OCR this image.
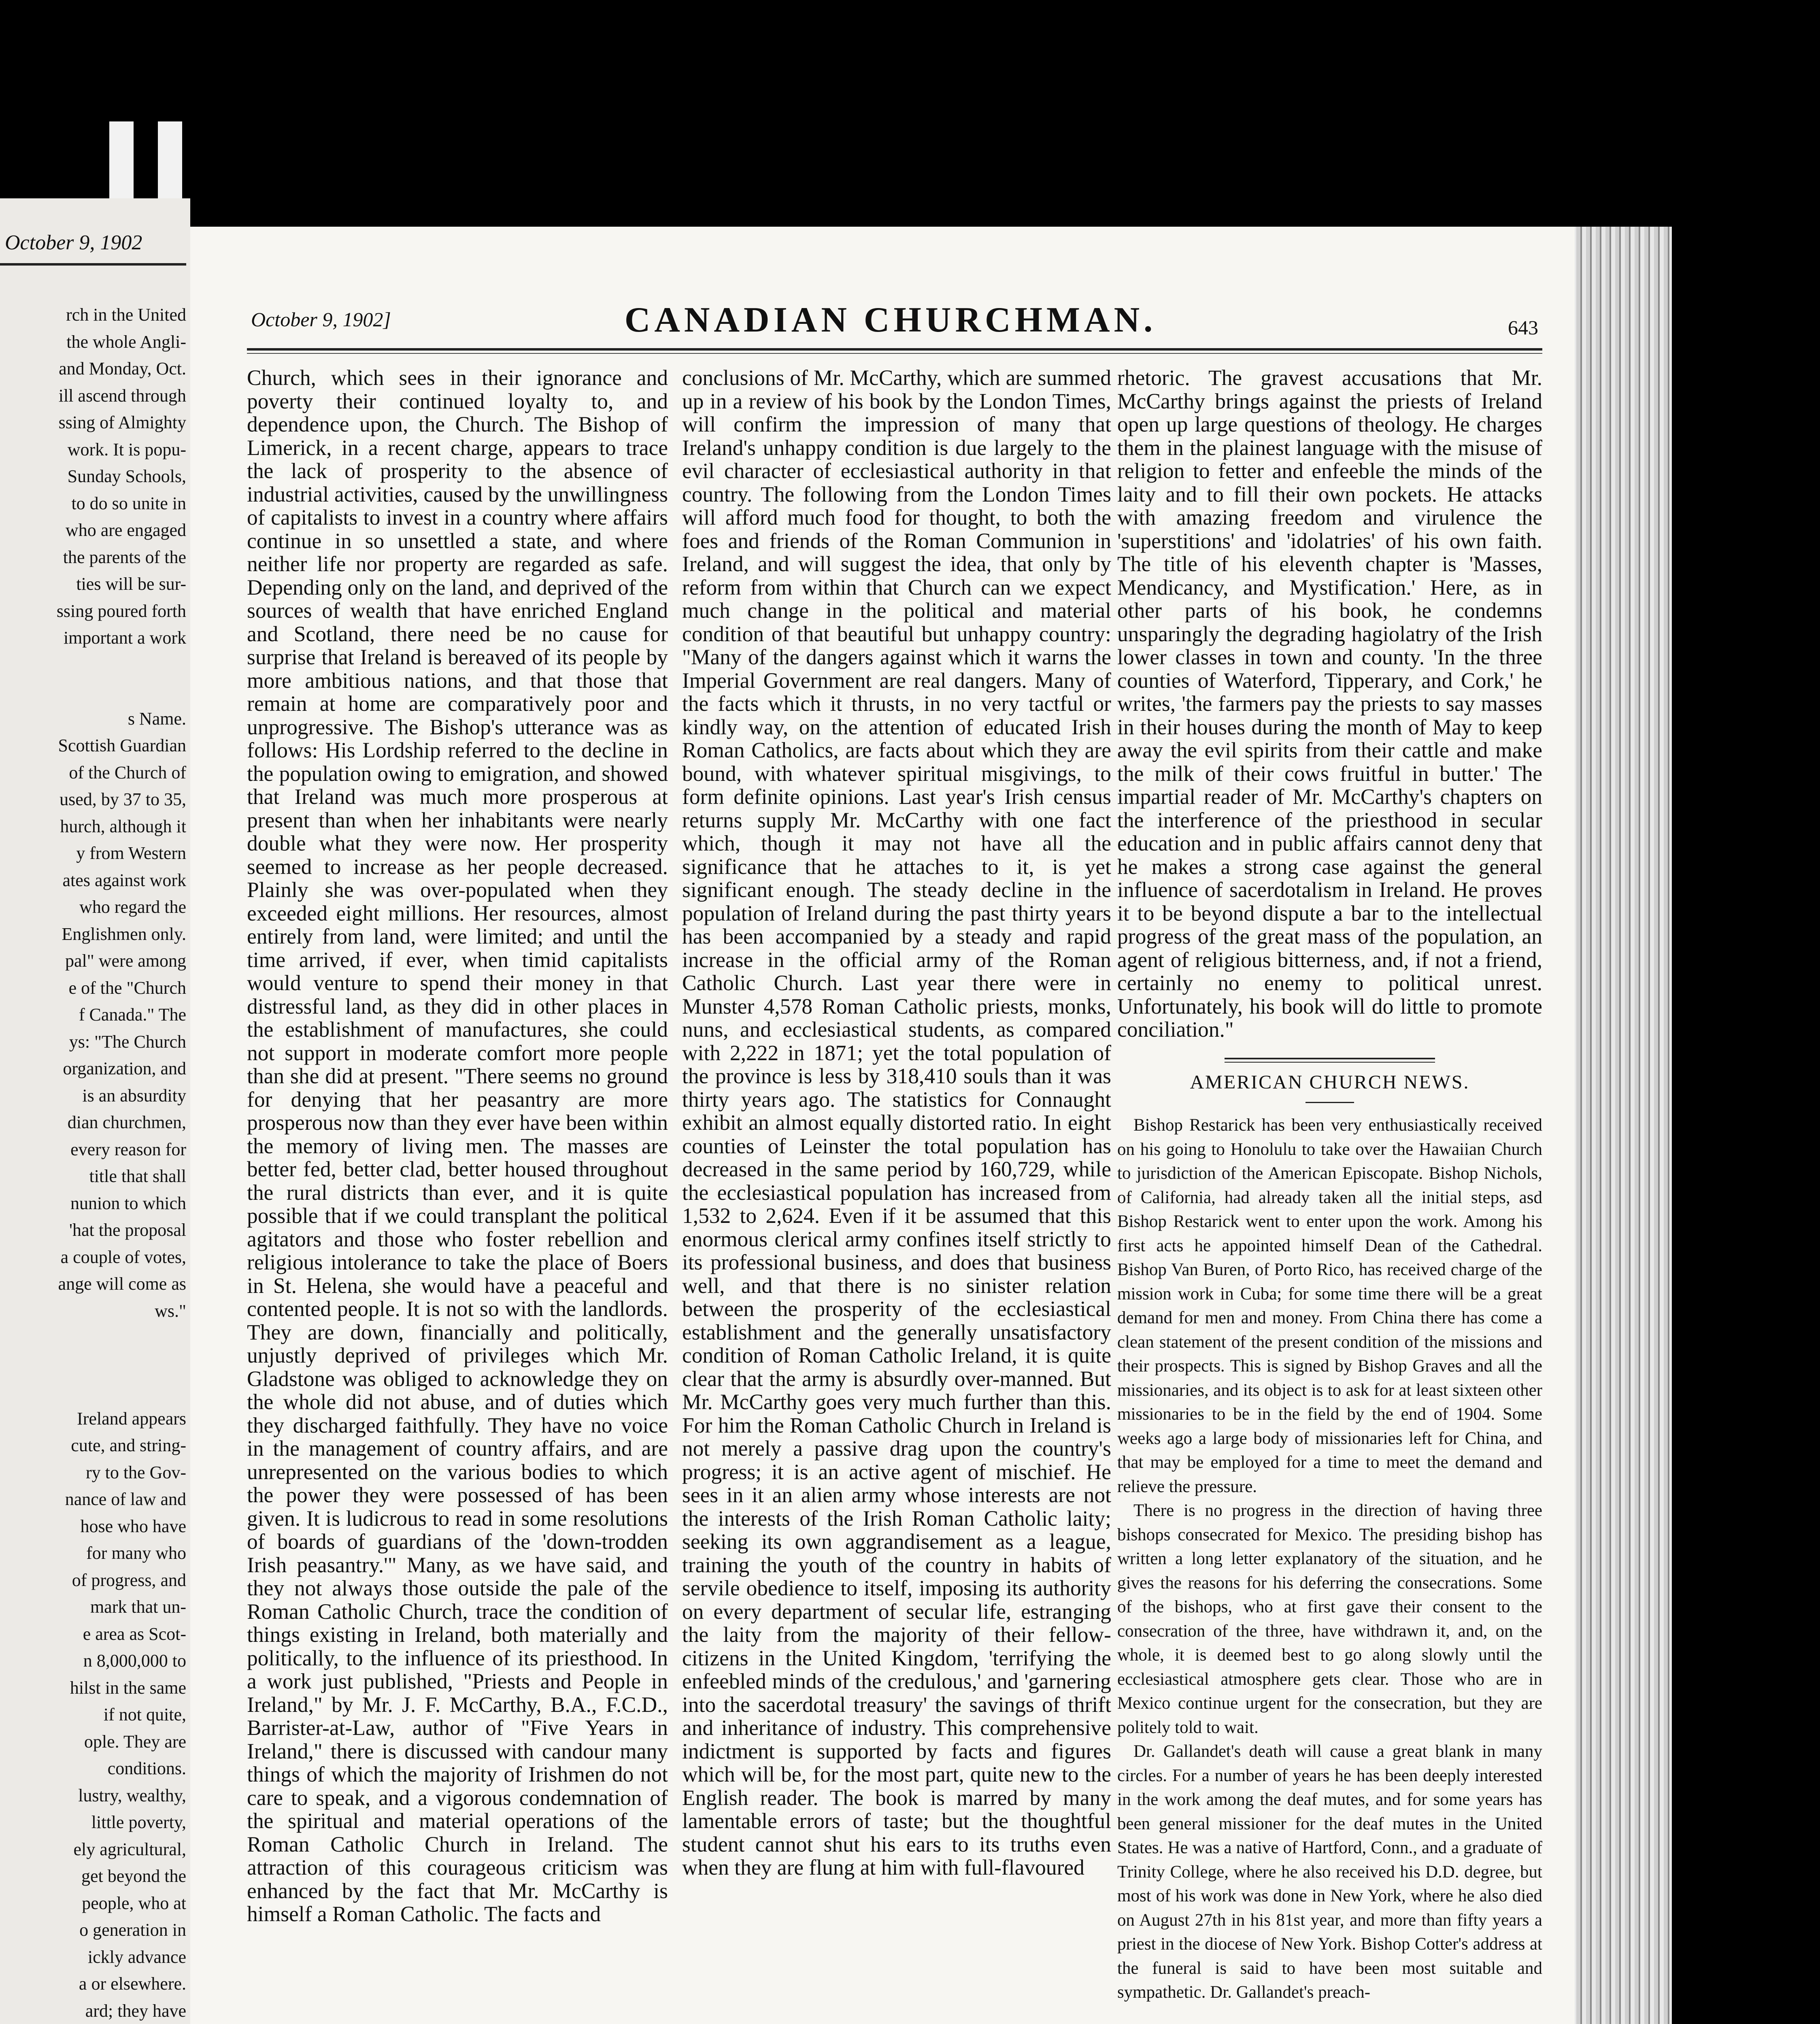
October 9, 1902
rch in the United
the whole Angli-
and Monday, Oct.
ill ascend through
ssing of Almighty
work. It is popu-
Sunday Schools,
to do so unite in
who are engaged
the parents of the
ties will be sur-
ssing poured forth
important a work
s Name.
Scottish Guardian
of the Church of
used, by 37 to 35,
hurch, although it
y from Western
ates against work
who regard the
Englishmen only.
pal" were among
e of the "Church
f Canada." The
ys: "The Church
organization, and
is an absurdity
dian churchmen,
every reason for
title that shall
nunion to which
'hat the proposal
a couple of votes,
ange will come as
ws."
Ireland appears
cute, and string-
ry to the Gov-
nance of law and
hose who have
for many who
of progress, and
mark that un-
e area as Scot-
n 8,000,000 to
hilst in the same
if not quite,
ople. They are
conditions.
lustry, wealthy,
little poverty,
ely agricultural,
get beyond the
people, who at
o generation in
ickly advance
a or elsewhere.
ard; they have
October 9, 1902]	CANADIAN CHURCHMAN.	643

Church, which sees in their ignorance and poverty their continued loyalty to, and dependence upon, the Church. The Bishop of Limerick, in a recent charge, appears to trace the lack of prosperity to the absence of industrial activities, caused by the unwillingness of capitalists to invest in a country where affairs continue in so unsettled a state, and where neither life nor property are regarded as safe. Depending only on the land, and deprived of the sources of wealth that have enriched England and Scotland, there need be no cause for surprise that Ireland is bereaved of its people by more ambitious nations, and that those that remain at home are comparatively poor and unprogressive. The Bishop's utterance was as follows: His Lordship referred to the decline in the population owing to emigration, and showed that Ireland was much more prosperous at present than when her inhabitants were nearly double what they were now. Her prosperity seemed to increase as her people decreased. Plainly she was over-populated when they exceeded eight millions. Her resources, almost entirely from land, were limited; and until the time arrived, if ever, when timid capitalists would venture to spend their money in that distressful land, as they did in other places in the establishment of manufactures, she could not support in moderate comfort more people than she did at present. "There seems no ground for denying that her peasantry are more prosperous now than they ever have been within the memory of living men. The masses are better fed, better clad, better housed throughout the rural districts than ever, and it is quite possible that if we could transplant the political agitators and those who foster rebellion and religious intolerance to take the place of Boers in St. Helena, she would have a peaceful and contented people. It is not so with the landlords. They are down, financially and politically, unjustly deprived of privileges which Mr. Gladstone was obliged to acknowledge they on the whole did not abuse, and of duties which they discharged faithfully. They have no voice in the management of country affairs, and are unrepresented on the various bodies to which the power they were possessed of has been given. It is ludicrous to read in some resolutions of boards of guardians of the 'down-trodden Irish peasantry.'" Many, as we have said, and they not always those outside the pale of the Roman Catholic Church, trace the condition of things existing in Ireland, both materially and politically, to the influence of its priesthood. In a work just published, "Priests and People in Ireland," by Mr. J. F. McCarthy, B.A., F.C.D., Barrister-at-Law, author of "Five Years in Ireland," there is discussed with candour many things of which the majority of Irishmen do not care to speak, and a vigorous condemnation of the spiritual and material operations of the Roman Catholic Church in Ireland. The attraction of this courageous criticism was enhanced by the fact that Mr. McCarthy is himself a Roman Catholic. The facts and

conclusions of Mr. McCarthy, which are summed up in a review of his book by the London Times, will confirm the impression of many that Ireland's unhappy condition is due largely to the evil character of ecclesiastical authority in that country. The following from the London Times will afford much food for thought, to both the foes and friends of the Roman Communion in Ireland, and will suggest the idea, that only by reform from within that Church can we expect much change in the political and material condition of that beautiful but unhappy country: "Many of the dangers against which it warns the Imperial Government are real dangers. Many of the facts which it thrusts, in no very tactful or kindly way, on the attention of educated Irish Roman Catholics, are facts about which they are bound, with whatever spiritual misgivings, to form definite opinions. Last year's Irish census returns supply Mr. McCarthy with one fact which, though it may not have all the significance that he attaches to it, is yet significant enough. The steady decline in the population of Ireland during the past thirty years has been accompanied by a steady and rapid increase in the official army of the Roman Catholic Church. Last year there were in Munster 4,578 Roman Catholic priests, monks, nuns, and ecclesiastical students, as compared with 2,222 in 1871; yet the total population of the province is less by 318,410 souls than it was thirty years ago. The statistics for Connaught exhibit an almost equally distorted ratio. In eight counties of Leinster the total population has decreased in the same period by 160,729, while the ecclesiastical population has increased from 1,532 to 2,624. Even if it be assumed that this enormous clerical army confines itself strictly to its professional business, and does that business well, and that there is no sinister relation between the prosperity of the ecclesiastical establishment and the generally unsatisfactory condition of Roman Catholic Ireland, it is quite clear that the army is absurdly over-manned. But Mr. McCarthy goes very much further than this. For him the Roman Catholic Church in Ireland is not merely a passive drag upon the country's progress; it is an active agent of mischief. He sees in it an alien army whose interests are not the interests of the Irish Roman Catholic laity; seeking its own aggrandisement as a league, training the youth of the country in habits of servile obedience to itself, imposing its authority on every department of secular life, estranging the laity from the majority of their fellow-citizens in the United Kingdom, 'terrifying the enfeebled minds of the credulous,' and 'garnering into the sacerdotal treasury' the savings of thrift and inheritance of industry. This comprehensive indictment is supported by facts and figures which will be, for the most part, quite new to the English reader. The book is marred by many lamentable errors of taste; but the thoughtful student cannot shut his ears to its truths even when they are flung at him with full-flavoured

rhetoric. The gravest accusations that Mr. McCarthy brings against the priests of Ireland open up large questions of theology. He charges them in the plainest language with the misuse of religion to fetter and enfeeble the minds of the laity and to fill their own pockets. He attacks with amazing freedom and virulence the 'superstitions' and 'idolatries' of his own faith. The title of his eleventh chapter is 'Masses, Mendicancy, and Mystification.' Here, as in other parts of his book, he condemns unsparingly the degrading hagiolatry of the Irish lower classes in town and county. 'In the three counties of Waterford, Tipperary, and Cork,' he writes, 'the farmers pay the priests to say masses in their houses during the month of May to keep away the evil spirits from their cattle and make the milk of their cows fruitful in butter.' The impartial reader of Mr. McCarthy's chapters on the interference of the priesthood in secular education and in public affairs cannot deny that he makes a strong case against the general influence of sacerdotalism in Ireland. He proves it to be beyond dispute a bar to the intellectual progress of the great mass of the population, an agent of religious bitterness, and, if not a friend, certainly no enemy to political unrest. Unfortunately, his book will do little to promote conciliation."

AMERICAN CHURCH NEWS.

Bishop Restarick has been very enthusiastically received on his going to Honolulu to take over the Hawaiian Church to jurisdiction of the American Episcopate. Bishop Nichols, of California, had already taken all the initial steps, asd Bishop Restarick went to enter upon the work. Among his first acts he appointed himself Dean of the Cathedral. Bishop Van Buren, of Porto Rico, has received charge of the mission work in Cuba; for some time there will be a great demand for men and money. From China there has come a clean statement of the present condition of the missions and their prospects. This is signed by Bishop Graves and all the missionaries, and its object is to ask for at least sixteen other missionaries to be in the field by the end of 1904. Some weeks ago a large body of missionaries left for China, and that may be employed for a time to meet the demand and relieve the pressure.

There is no progress in the direction of having three bishops consecrated for Mexico. The presiding bishop has written a long letter explanatory of the situation, and he gives the reasons for his deferring the consecrations. Some of the bishops, who at first gave their consent to the consecration of the three, have withdrawn it, and, on the whole, it is deemed best to go along slowly until the ecclesiastical atmosphere gets clear. Those who are in Mexico continue urgent for the consecration, but they are politely told to wait.

Dr. Gallandet's death will cause a great blank in many circles. For a number of years he has been deeply interested in the work among the deaf mutes, and for some years has been general missioner for the deaf mutes in the United States. He was a native of Hartford, Conn., and a graduate of Trinity College, where he also received his D.D. degree, but most of his work was done in New York, where he also died on August 27th in his 81st year, and more than fifty years a priest in the diocese of New York. Bishop Cotter's address at the funeral is said to have been most suitable and sympathetic. Dr. Gallandet's preach-
